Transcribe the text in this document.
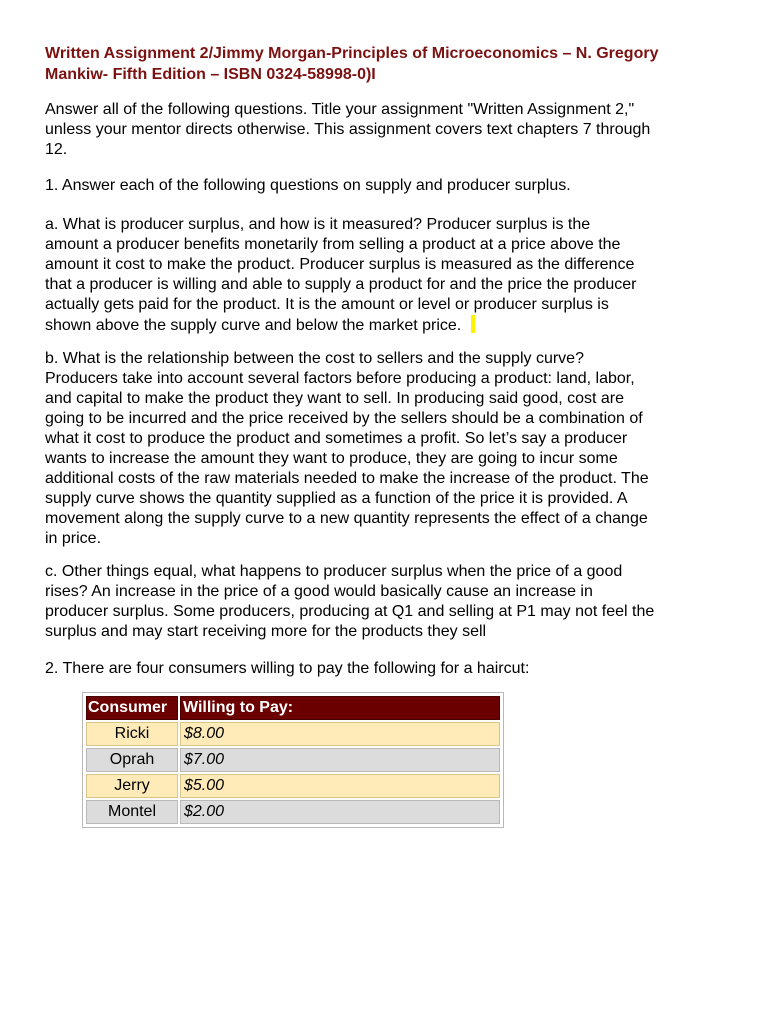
Written Assignment 2/Jimmy Morgan-Principles of Microeconomics – N. Gregory
Mankiw- Fifth Edition – ISBN 0324-58998-0)I

Answer all of the following questions. Title your assignment "Written Assignment 2,"
unless your mentor directs otherwise. This assignment covers text chapters 7 through
12.

1. Answer each of the following questions on supply and producer surplus.

a. What is producer surplus, and how is it measured? Producer surplus is the
amount a producer benefits monetarily from selling a product at a price above the
amount it cost to make the product. Producer surplus is measured as the difference
that a producer is willing and able to supply a product for and the price the producer
actually gets paid for the product. It is the amount or level or producer surplus is
shown above the supply curve and below the market price.

b. What is the relationship between the cost to sellers and the supply curve?
Producers take into account several factors before producing a product: land, labor,
and capital to make the product they want to sell. In producing said good, cost are
going to be incurred and the price received by the sellers should be a combination of
what it cost to produce the product and sometimes a profit. So let’s say a producer
wants to increase the amount they want to produce, they are going to incur some
additional costs of the raw materials needed to make the increase of the product. The
supply curve shows the quantity supplied as a function of the price it is provided. A
movement along the supply curve to a new quantity represents the effect of a change
in price.

c. Other things equal, what happens to producer surplus when the price of a good
rises? An increase in the price of a good would basically cause an increase in
producer surplus. Some producers, producing at Q1 and selling at P1 may not feel the
surplus and may start receiving more for the products they sell

2. There are four consumers willing to pay the following for a haircut:

Consumer	Willing to Pay:
Ricki	$8.00
Oprah	$7.00
Jerry	$5.00
Montel	$2.00
